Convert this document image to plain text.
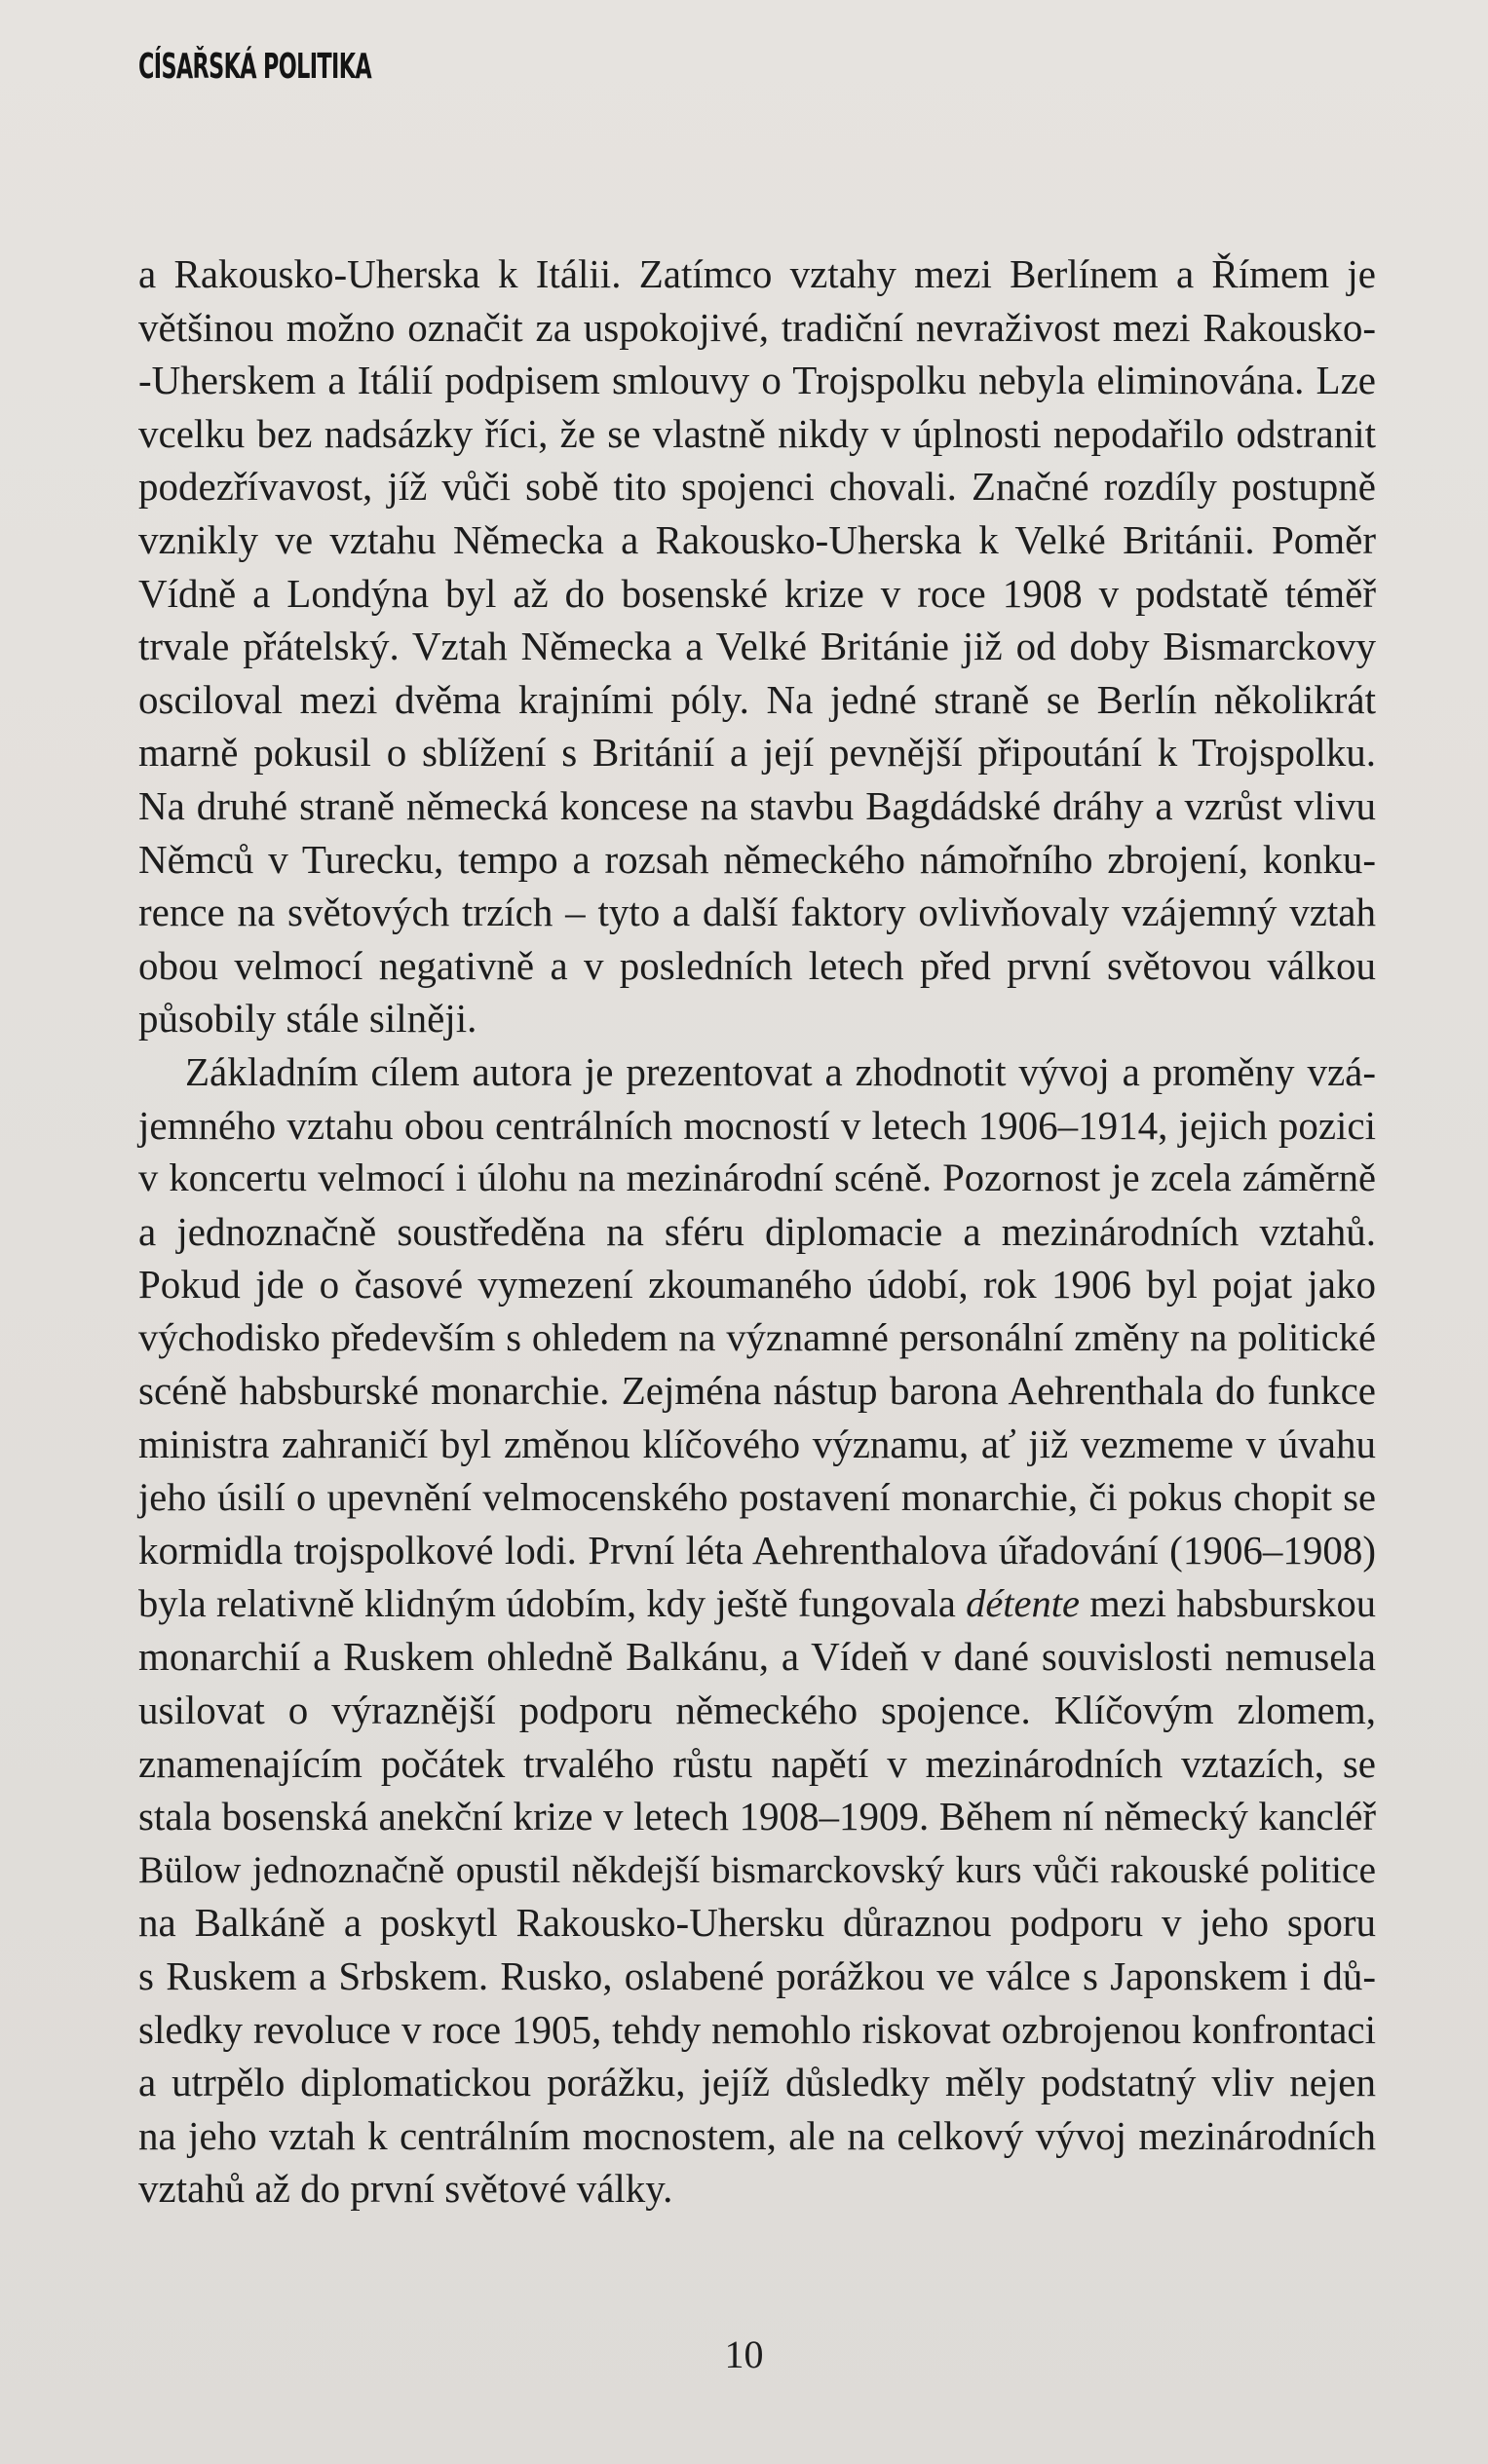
CÍSAŘSKÁ POLITIKA
a Rakousko-Uherska k Itálii. Zatímco vztahy mezi Berlínem a Římem je
většinou možno označit za uspokojivé, tradiční nevraživost mezi Rakousko-
-Uherskem a Itálií podpisem smlouvy o Trojspolku nebyla eliminována. Lze
vcelku bez nadsázky říci, že se vlastně nikdy v úplnosti nepodařilo odstranit
podezřívavost, jíž vůči sobě tito spojenci chovali. Značné rozdíly postupně
vznikly ve vztahu Německa a Rakousko-Uherska k Velké Británii. Poměr
Vídně a Londýna byl až do bosenské krize v roce 1908 v podstatě téměř
trvale přátelský. Vztah Německa a Velké Británie již od doby Bismarckovy
osciloval mezi dvěma krajními póly. Na jedné straně se Berlín několikrát
marně pokusil o sblížení s Británií a její pevnější připoutání k Trojspolku.
Na druhé straně německá koncese na stavbu Bagdádské dráhy a vzrůst vlivu
Němců v Turecku, tempo a rozsah německého námořního zbrojení, konku-
rence na světových trzích – tyto a další faktory ovlivňovaly vzájemný vztah
obou velmocí negativně a v posledních letech před první světovou válkou
působily stále silněji.
Základním cílem autora je prezentovat a zhodnotit vývoj a proměny vzá-
jemného vztahu obou centrálních mocností v letech 1906–1914, jejich pozici
v koncertu velmocí i úlohu na mezinárodní scéně. Pozornost je zcela záměrně
a jednoznačně soustředěna na sféru diplomacie a mezinárodních vztahů.
Pokud jde o časové vymezení zkoumaného údobí, rok 1906 byl pojat jako
východisko především s ohledem na významné personální změny na politické
scéně habsburské monarchie. Zejména nástup barona Aehrenthala do funkce
ministra zahraničí byl změnou klíčového významu, ať již vezmeme v úvahu
jeho úsilí o upevnění velmocenského postavení monarchie, či pokus chopit se
kormidla trojspolkové lodi. První léta Aehrenthalova úřadování (1906–1908)
byla relativně klidným údobím, kdy ještě fungovala détente mezi habsburskou
monarchií a Ruskem ohledně Balkánu, a Vídeň v dané souvislosti nemusela
usilovat o výraznější podporu německého spojence. Klíčovým zlomem,
znamenajícím počátek trvalého růstu napětí v mezinárodních vztazích, se
stala bosenská anekční krize v letech 1908–1909. Během ní německý kancléř
Bülow jednoznačně opustil někdejší bismarckovský kurs vůči rakouské politice
na Balkáně a poskytl Rakousko-Uhersku důraznou podporu v jeho sporu
s Ruskem a Srbskem. Rusko, oslabené porážkou ve válce s Japonskem i dů-
sledky revoluce v roce 1905, tehdy nemohlo riskovat ozbrojenou konfrontaci
a utrpělo diplomatickou porážku, jejíž důsledky měly podstatný vliv nejen
na jeho vztah k centrálním mocnostem, ale na celkový vývoj mezinárodních
vztahů až do první světové války.
10
